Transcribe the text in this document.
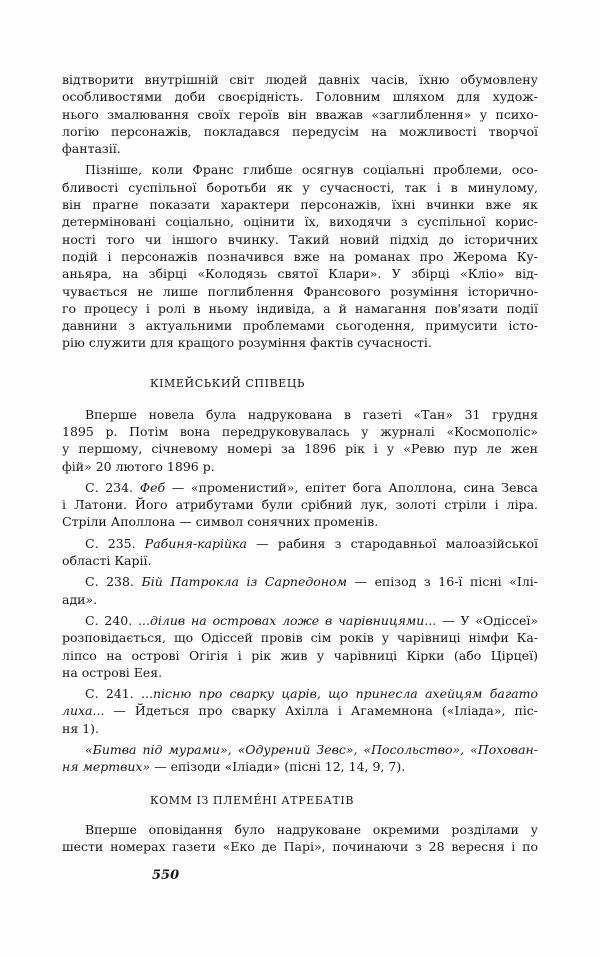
відтворити внутрішній світ людей давніх часів, їхню обумовлену
особливостями доби своєрідність. Головним шляхом для худож-
нього змалювання своїх героїв він вважав «заглиблення» у психо-
логію персонажів, покладався передусім на можливості творчої
фантазії.
Пізніше, коли Франс глибше осягнув соціальні проблеми, осо-
бливості суспільної боротьби як у сучасності, так і в минулому,
він прагне показати характери персонажів, їхні вчинки вже як
детерміновані соціально, оцінити їх, виходячи з суспільної корис-
ності того чи іншого вчинку. Такий новий підхід до історичних
подій і персонажів позначився вже на романах про Жерома Ку-
аньяра, на збірці «Колодязь святої Клари». У збірці «Кліо» від-
чувається не лише поглиблення Франсового розуміння історично-
го процесу і ролі в ньому індивіда, а й намагання пов'язати події
давнини з актуальними проблемами сьогодення, примусити істо-
рію служити для кращого розуміння фактів сучасності.
КІМЕЙСЬКИЙ СПІВЕЦЬ
Вперше новела була надрукована в газеті «Тан» 31 грудня
1895 р. Потім вона передруковувалась у журналі «Космополіс»
у першому, січневому номері за 1896 рік і у «Ревю пур ле жен
фій» 20 лютого 1896 р.
С. 234. Феб — «променистий», епітет бога Аполлона, сина Зевса
і Латони. Його атрибутами були срібний лук, золоті стріли і ліра.
Стріли Аполлона — символ сонячних променів.
С. 235. Рабиня-карійка — рабиня з стародавньої малоазійської
області Карії.
С. 238. Бій Патрокла із Сарпедоном — епізод з 16-ї пісні «Ілі-
ади».
С. 240. ...ділив на островах ложе в чарівницями... — У «Одіссеї»
розповідається, що Одіссей провів сім років у чарівниці німфи Ка-
ліпсо на острові Огігія і рік жив у чарівниці Кірки (або Цірцеї)
на острові Еея.
С. 241. ...пісню про сварку царів, що принесла ахейцям багато
лиха... — Йдеться про сварку Ахілла і Агамемнона («Іліада», піс-
ня 1).
«Битва під мурами», «Одурений Зевс», «Посольство», «Похован-
ня мертвих» — епізоди «Іліади» (пісні 12, 14, 9, 7).
КОММ ІЗ ПЛЕМЕ́НІ АТРЕБАТІВ
Вперше оповідання було надруковане окремими розділами у
шести номерах газети «Еко де Парі», починаючи з 28 вересня і по
550
